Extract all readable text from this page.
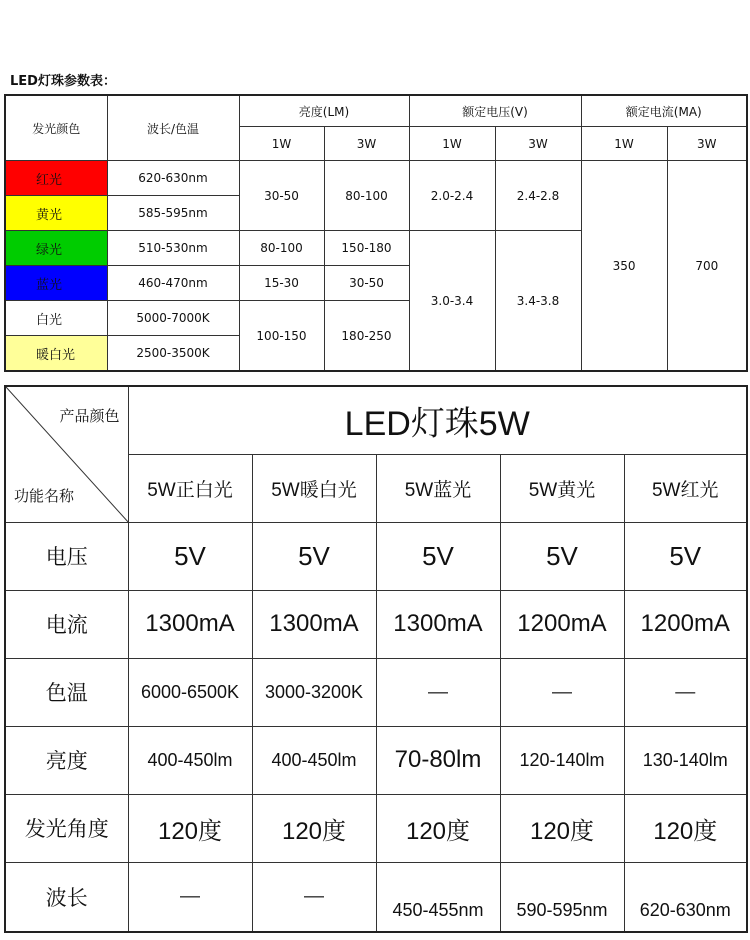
LED灯珠参数表：
发光颜色	波长/色温	亮度(LM)		额定电压(V)		额定电流(MA)	
		1W	3W	1W	3W	1W	3W
红光	620-630nm	30-50	80-100	2.0-2.4	2.4-2.8	350	700
黄光	585-595nm						
绿光	510-530nm	80-100	150-180	3.0-3.4	3.4-3.8		
蓝光	460-470nm	15-30	30-50				
白光	5000-7000K	100-150	180-250				
暖白光	2500-3500K						
产品颜色
功能名称	LED灯珠5W				
	5W正白光	5W暖白光	5W蓝光	5W黄光	5W红光
电压	5V	5V	5V	5V	5V
电流	1300mA	1300mA	1300mA	1200mA	1200mA
色温	6000-6500K	3000-3200K	—	—	—
亮度	400-450lm	400-450lm	70-80lm	120-140lm	130-140lm
发光角度	120度	120度	120度	120度	120度
波长	—	—	450-455nm	590-595nm	620-630nm
